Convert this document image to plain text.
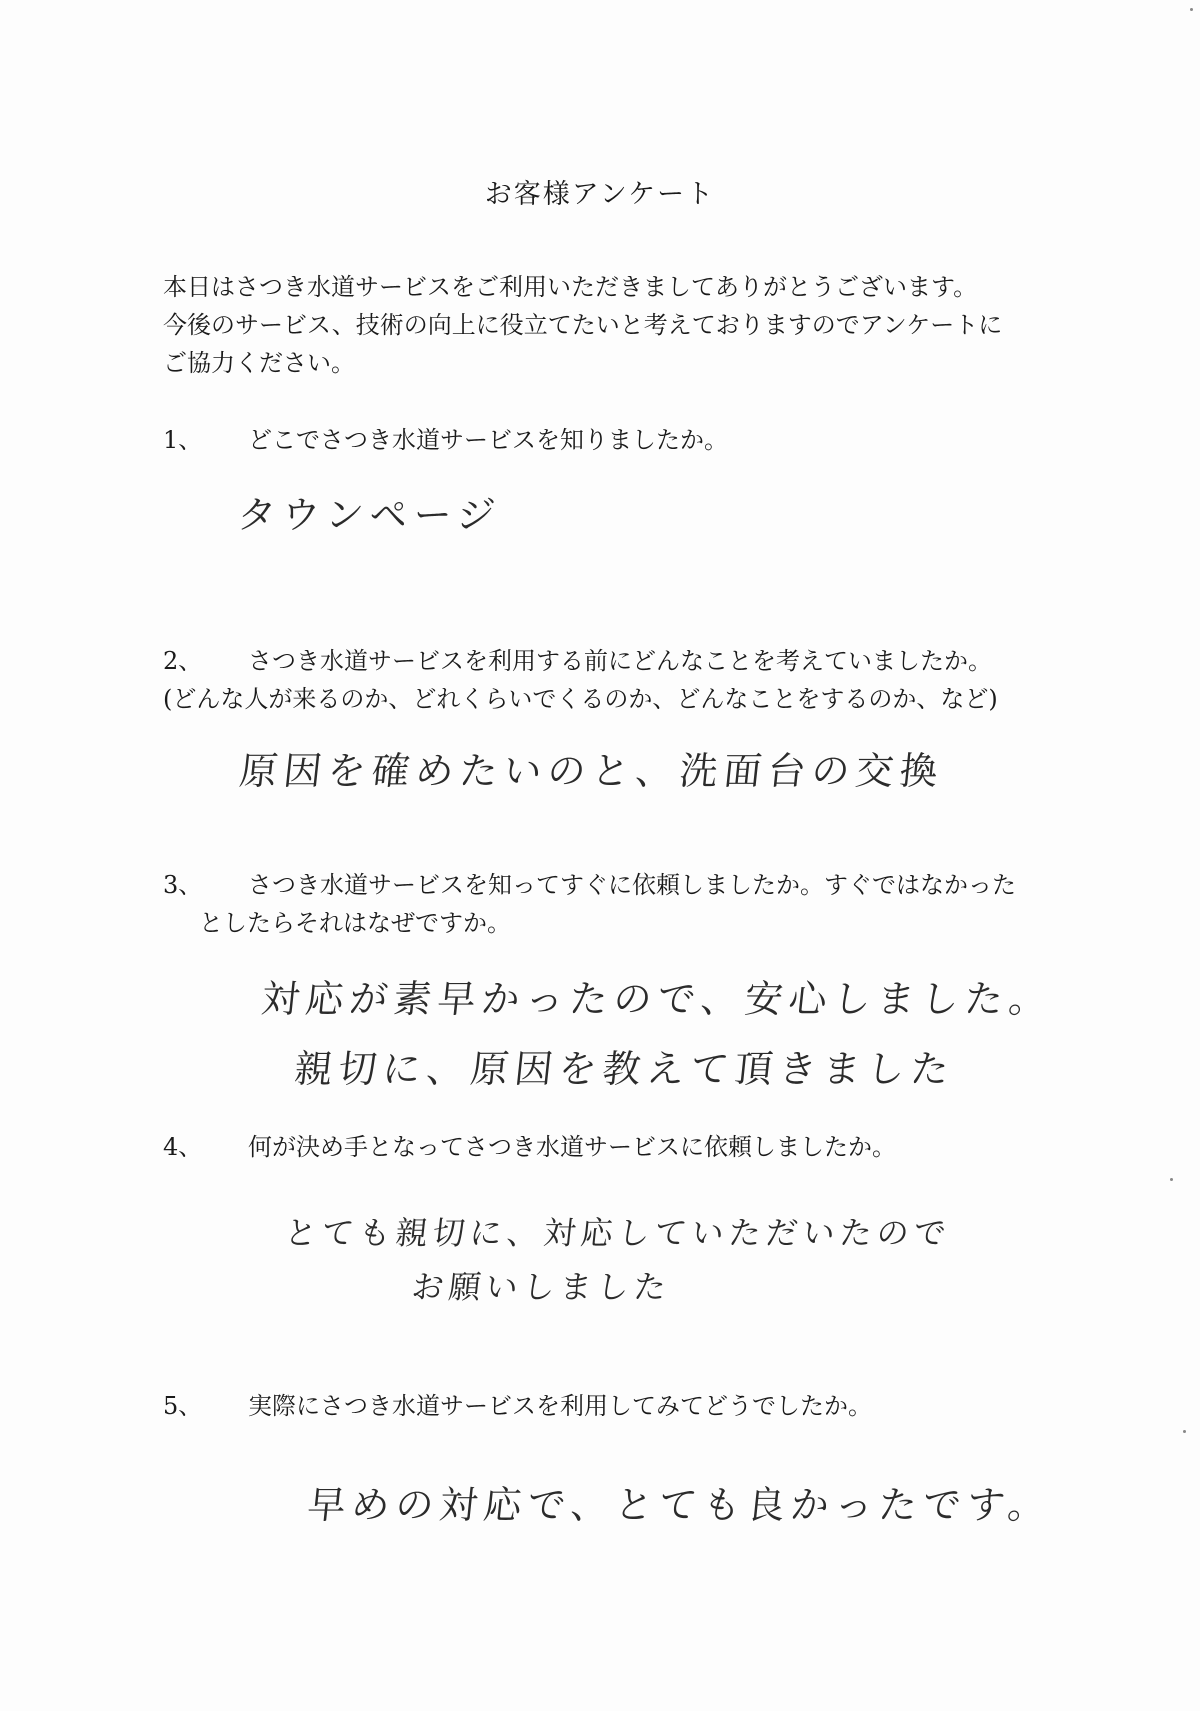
お客様アンケート
本日はさつき水道サービスをご利用いただきましてありがとうございます。
今後のサービス、技術の向上に役立てたいと考えておりますのでアンケートに
ご協力ください。
1、 どこでさつき水道サービスを知りましたか。
タウンページ
2、 さつき水道サービスを利用する前にどんなことを考えていましたか。
(どんな人が来るのか、どれくらいでくるのか、どんなことをするのか、など)
原因を確めたいのと、洗面台の交換
3、 さつき水道サービスを知ってすぐに依頼しましたか。すぐではなかった
としたらそれはなぜですか。
対応が素早かったので、安心しました。
親切に、原因を教えて頂きました
4、 何が決め手となってさつき水道サービスに依頼しましたか。
とても親切に、対応していただいたので
お願いしました
5、 実際にさつき水道サービスを利用してみてどうでしたか。
早めの対応で、とても良かったです。
